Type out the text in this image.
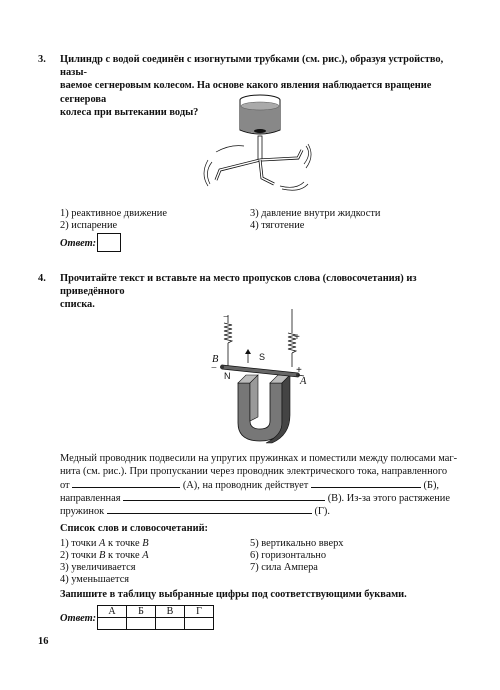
3. Цилиндр с водой соединён с изогнутыми трубками (см. рис.), образуя устройство, назы-
ваемое сегнеровым колесом. На основе какого явления наблюдается вращение сегнерова
колеса при вытекании воды?
1) реактивное движение
2) испарение
3) давление внутри жидкости
4) тяготение
Ответ:
4. Прочитайте текст и вставьте на место пропусков слова (словосочетания) из приведённого
списка.
−
+
+
B
−
A
S
N
Медный проводник подвесили на упругих пружинках и поместили между полюсами маг-
нита (см. рис.). При пропускании через проводник электрического тока, направленного
от	(А), на проводник действует	(Б),
направленная	(В). Из-за этого растяжение
пружинок	(Г).
Список слов и словосочетаний:
1) точки A к точке B
2) точки B к точке A
3) увеличивается
4) уменьшается
5) вертикально вверх
6) горизонтально
7) сила Ампера
Запишите в таблицу выбранные цифры под соответствующими буквами.
Ответ:
А	Б	В	Г

16
